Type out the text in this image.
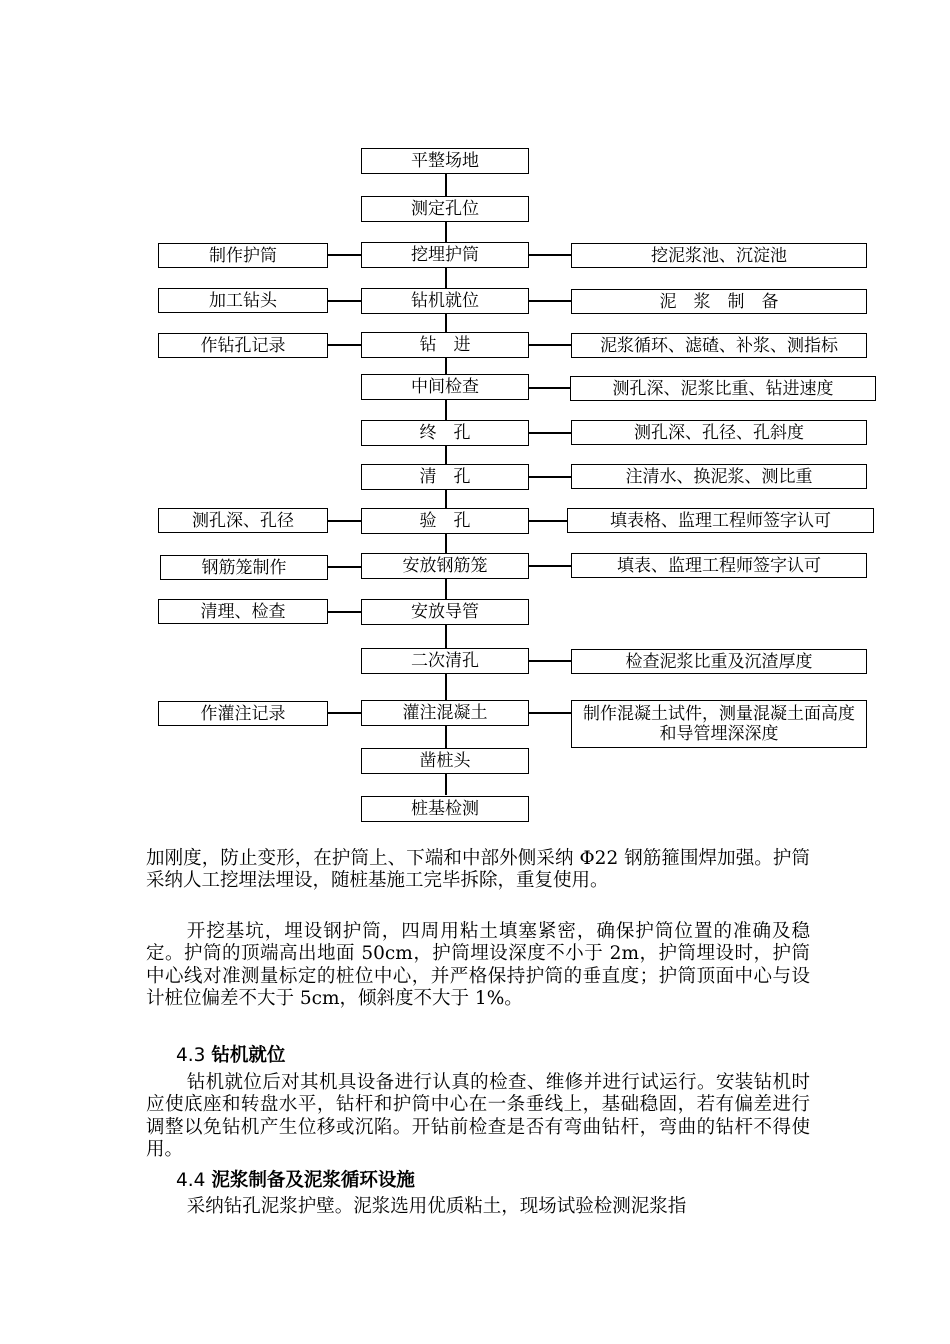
平整场地
测定孔位
挖埋护筒
钻机就位
钻　进
中间检查
终　孔
清　孔
验　孔
安放钢筋笼
安放导管
二次清孔
灌注混凝土
凿桩头
桩基检测
制作护筒
加工钻头
作钻孔记录
测孔深、孔径
钢筋笼制作
清理、检查
作灌注记录
挖泥浆池、沉淀池
泥　浆　制　备
泥浆循环、滤碴、补浆、测指标
测孔深、泥浆比重、钻进速度
测孔深、孔径、孔斜度
注清水、换泥浆、测比重
填表格、监理工程师签字认可
填表、监理工程师签字认可
检查泥浆比重及沉渣厚度
制作混凝土试件，测量混凝土面高度和导管埋深深度

加刚度，防止变形，在护筒上、下端和中部外侧采纳 Φ22 钢筋箍围焊加强。护筒采纳人工挖埋法埋设，随桩基施工完毕拆除，重复使用。

开挖基坑，埋设钢护筒，四周用粘土填塞紧密，确保护筒位置的准确及稳定。护筒的顶端高出地面 50cm，护筒埋设深度不小于 2m，护筒埋设时，护筒中心线对准测量标定的桩位中心，并严格保持护筒的垂直度；护筒顶面中心与设计桩位偏差不大于 5cm，倾斜度不大于 1%。

4.3 钻机就位

钻机就位后对其机具设备进行认真的检查、维修并进行试运行。安装钻机时应使底座和转盘水平，钻杆和护筒中心在一条垂线上，基础稳固，若有偏差进行调整以免钻机产生位移或沉陷。开钻前检查是否有弯曲钻杆，弯曲的钻杆不得使用。

4.4 泥浆制备及泥浆循环设施

采纳钻孔泥浆护壁。泥浆选用优质粘土，现场试验检测泥浆指
